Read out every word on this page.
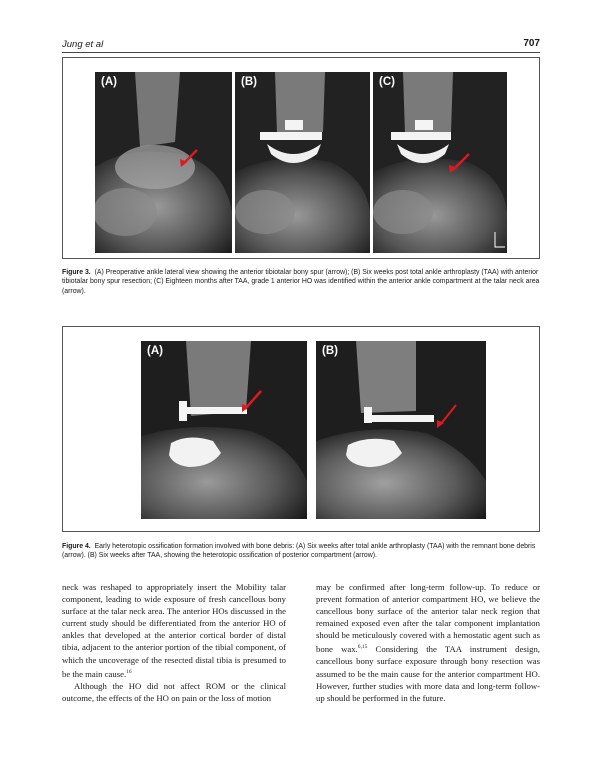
Jung et al	707
(A)	(B)	(C)
Figure 3. (A) Preoperative ankle lateral view showing the anterior tibiotalar bony spur (arrow); (B) Six weeks post total ankle arthroplasty (TAA) with anterior tibiotalar bony spur resection; (C) Eighteen months after TAA, grade 1 anterior HO was identified within the anterior ankle compartment at the talar neck area (arrow).
(A)	(B)
Figure 4. Early heterotopic ossification formation involved with bone debris: (A) Six weeks after total ankle arthroplasty (TAA) with the remnant bone debris (arrow). (B) Six weeks after TAA, showing the heterotopic ossification of posterior compartment (arrow).

neck was reshaped to appropriately insert the Mobility talar component, leading to wide exposure of fresh cancellous bony surface at the talar neck area. The anterior HOs discussed in the current study should be differentiated from the anterior HO of ankles that developed at the anterior cortical border of distal tibia, adjacent to the anterior portion of the tibial component, of which the uncoverage of the resected distal tibia is presumed to be the main cause.$^{16}$

Although the HO did not affect ROM or the clinical outcome, the effects of the HO on pain or the loss of motion

may be confirmed after long-term follow-up. To reduce or prevent formation of anterior compartment HO, we believe the cancellous bony surface of the anterior talar neck region that remained exposed even after the talar component implantation should be meticulously covered with a hemostatic agent such as bone wax.$^{6,15}$ Considering the TAA instrument design, cancellous bony surface exposure through bony resection was assumed to be the main cause for the anterior compartment HO. However, further studies with more data and long-term follow-up should be performed in the future.
